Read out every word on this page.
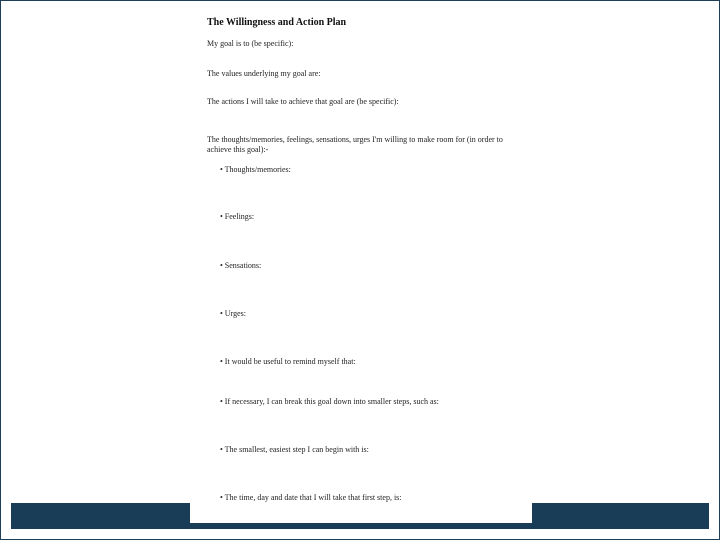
The Willingness and Action Plan
My goal is to (be specific):
The values underlying my goal are:
The actions I will take to achieve that goal are (be specific):
The thoughts/memories, feelings, sensations, urges I'm willing to make room for (in order to achieve this goal):-
• Thoughts/memories:
• Feelings:
• Sensations:
• Urges:
• It would be useful to remind myself that:
• If necessary, I can break this goal down into smaller steps, such as:
• The smallest, easiest step I can begin with is:
• The time, day and date that I will take that first step, is:
